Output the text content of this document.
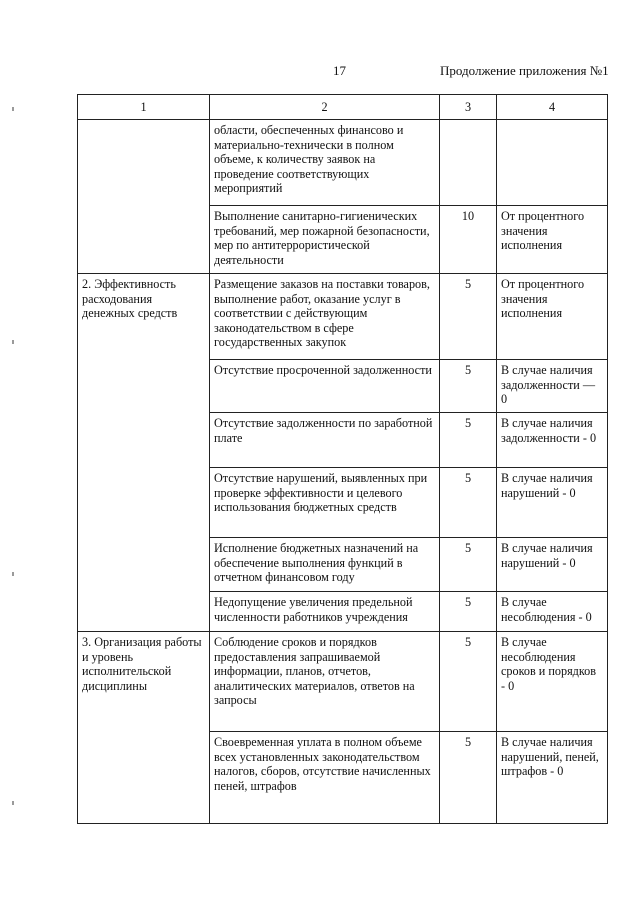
17	Продолжение приложения №1
1	2	3	4
	области, обеспеченных финансово и материально-технически в полном объеме, к количеству заявок на проведение соответствующих мероприятий		
	Выполнение санитарно-гигиенических требований, мер пожарной безопасности, мер по антитеррористической деятельности	10	От процентного значения исполнения
2. Эффективность расходования денежных средств	Размещение заказов на поставки товаров, выполнение работ, оказание услуг в соответствии с действующим законодательством в сфере государственных закупок	5	От процентного значения исполнения
	Отсутствие просроченной задолженности	5	В случае наличия задолженности — 0
	Отсутствие задолженности по заработной плате	5	В случае наличия задолженности - 0
	Отсутствие нарушений, выявленных при проверке эффективности и целевого использования бюджетных средств	5	В случае наличия нарушений - 0
	Исполнение бюджетных назначений на обеспечение выполнения функций в отчетном финансовом году	5	В случае наличия нарушений - 0
	Недопущение увеличения предельной численности работников учреждения	5	В случае несоблюдения - 0
3. Организация работы и уровень исполнительской дисциплины	Соблюдение сроков и порядков предоставления запрашиваемой информации, планов, отчетов, аналитических материалов, ответов на запросы	5	В случае несоблюдения сроков и порядков - 0
	Своевременная уплата в полном объеме всех установленных законодательством налогов, сборов, отсутствие начисленных пеней, штрафов	5	В случае наличия нарушений, пеней, штрафов - 0
